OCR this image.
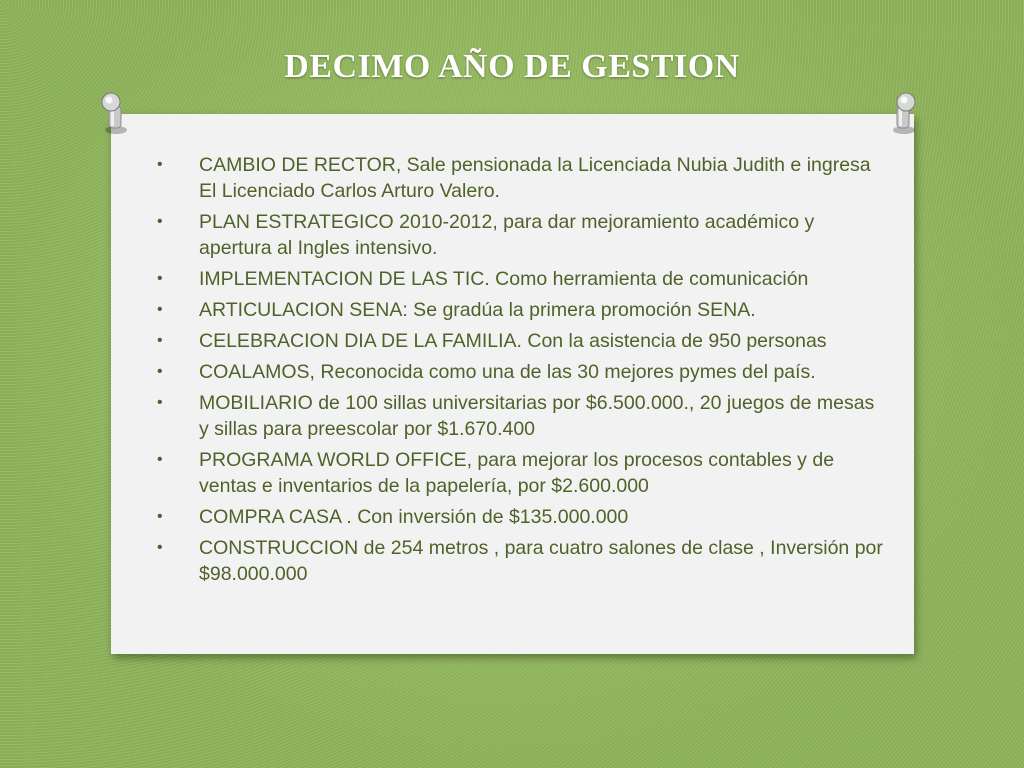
DECIMO AÑO DE GESTION
• CAMBIO DE RECTOR, Sale pensionada la Licenciada Nubia Judith e ingresa El Licenciado Carlos Arturo Valero.
• PLAN ESTRATEGICO 2010-2012, para dar mejoramiento académico y apertura al Ingles intensivo.
• IMPLEMENTACION DE LAS TIC. Como herramienta de comunicación
• ARTICULACION SENA: Se gradúa la primera promoción SENA.
• CELEBRACION DIA DE LA FAMILIA. Con la asistencia de 950 personas
• COALAMOS, Reconocida como una de las 30 mejores pymes del país.
• MOBILIARIO de 100 sillas universitarias por $6.500.000., 20 juegos de mesas y sillas para preescolar por $1.670.400
• PROGRAMA WORLD OFFICE, para mejorar los procesos contables y de ventas e inventarios de la papelería, por $2.600.000
• COMPRA CASA . Con inversión de $135.000.000
• CONSTRUCCION de 254 metros , para cuatro salones de clase , Inversión por $98.000.000
